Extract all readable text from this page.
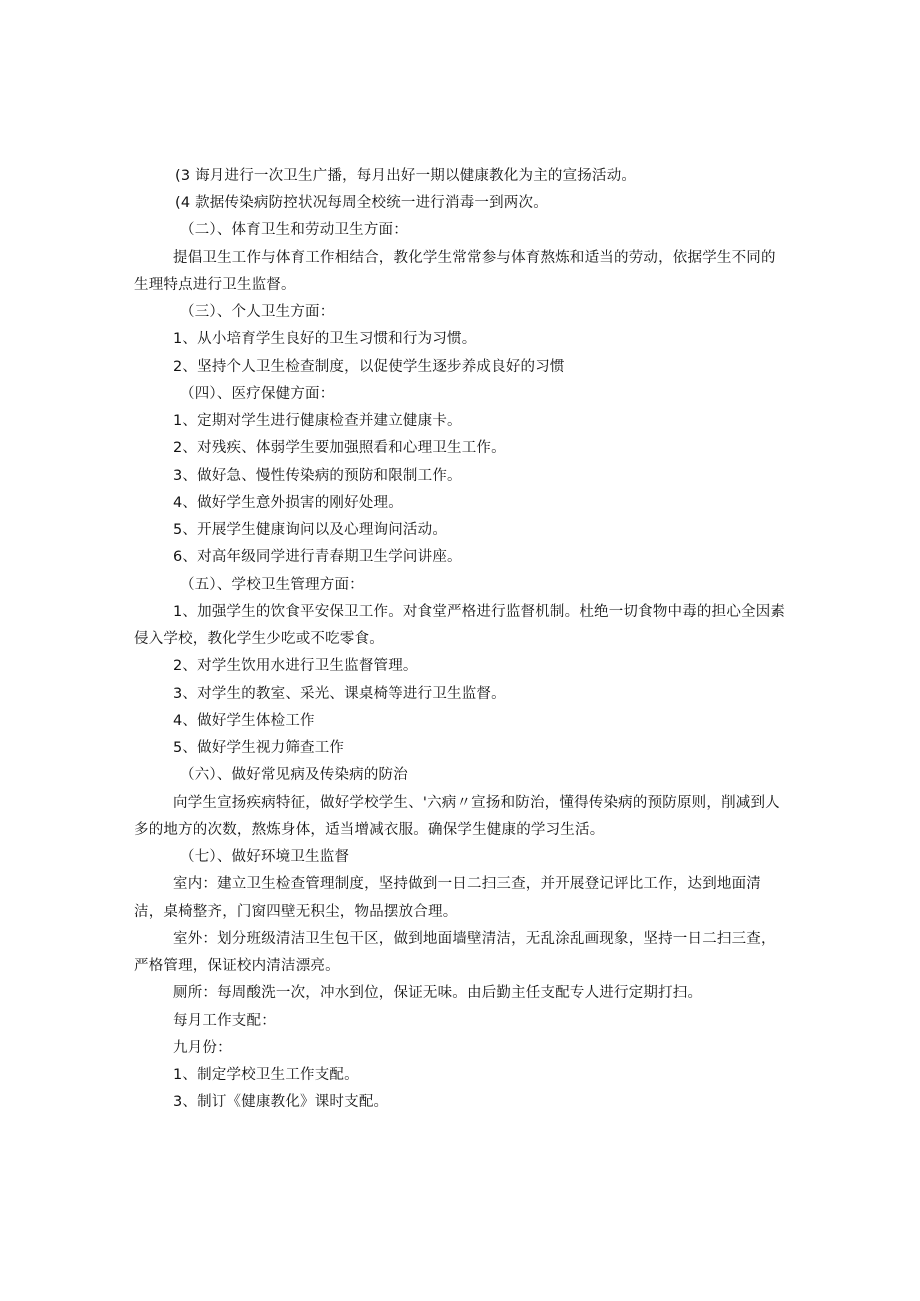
(3 诲月进行一次卫生广播，每月出好一期以健康教化为主的宣扬活动。
(4 款据传染病防控状况每周全校统一进行消毒一到两次。
（二）、体育卫生和劳动卫生方面：
提倡卫生工作与体育工作相结合，教化学生常常参与体育熬炼和适当的劳动，依据学生不同的
生理特点进行卫生监督。
（三）、个人卫生方面：
1、从小培育学生良好的卫生习惯和行为习惯。
2、坚持个人卫生检查制度，以促使学生逐步养成良好的习惯
（四）、医疗保健方面：
1、定期对学生进行健康检查并建立健康卡。
2、对残疾、体弱学生要加强照看和心理卫生工作。
3、做好急、慢性传染病的预防和限制工作。
4、做好学生意外损害的刚好处理。
5、开展学生健康询问以及心理询问活动。
6、对高年级同学进行青春期卫生学问讲座。
（五）、学校卫生管理方面：
1、加强学生的饮食平安保卫工作。对食堂严格进行监督机制。杜绝一切食物中毒的担心全因素
侵入学校，教化学生少吃或不吃零食。
2、对学生饮用水进行卫生监督管理。
3、对学生的教室、采光、课桌椅等进行卫生监督。
4、做好学生体检工作
5、做好学生视力筛查工作
（六）、做好常见病及传染病的防治
向学生宣扬疾病特征，做好学校学生、'六病〃宣扬和防治，懂得传染病的预防原则，削减到人
多的地方的次数，熬炼身体，适当增减衣服。确保学生健康的学习生活。
（七）、做好环境卫生监督
室内：建立卫生检查管理制度，坚持做到一日二扫三查，并开展登记评比工作，达到地面清
洁，桌椅整齐，门窗四壁无积尘，物品摆放合理。
室外：划分班级清洁卫生包干区，做到地面墙壁清洁，无乱涂乱画现象，坚持一日二扫三查，
严格管理，保证校内清洁漂亮。
厕所：每周酸洗一次，冲水到位，保证无味。由后勤主任支配专人进行定期打扫。
每月工作支配：
九月份：
1、制定学校卫生工作支配。
3、制订《健康教化》课时支配。
